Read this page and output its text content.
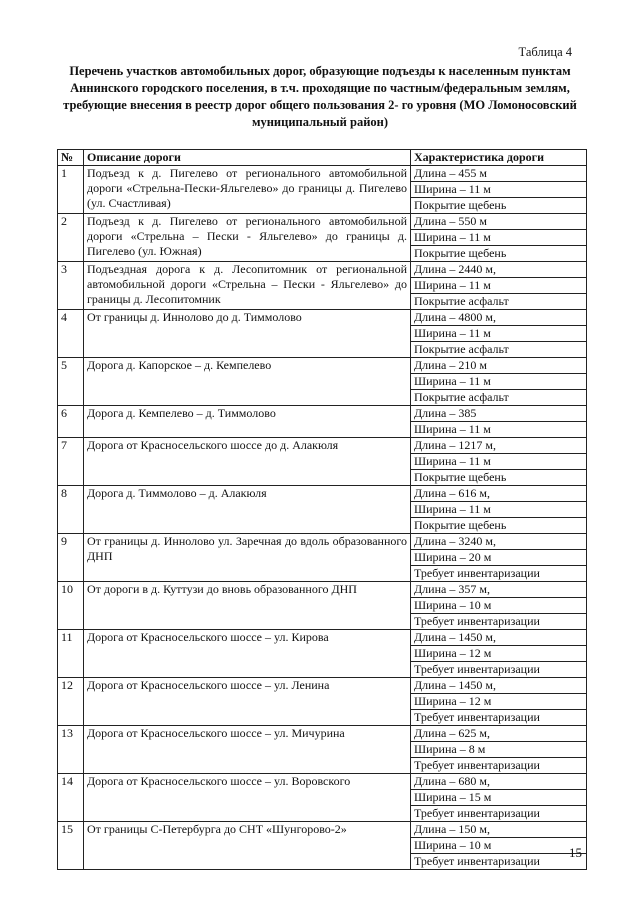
Таблица 4
Перечень участков автомобильных дорог, образующие подъезды к населенным пунктам Аннинского городского поселения, в т.ч. проходящие по частным/федеральным землям, требующие внесения в реестр дорог общего пользования 2- го уровня (МО Ломоносовский муниципальный район)
№	Описание дороги	Характеристика дороги
1	Подъезд к д. Пигелево от регионального автомобильной дороги «Стрельна-Пески-Яльгелево» до границы д. Пигелево (ул. Счастливая)	Длина – 455 м
Ширина – 11 м
Покрытие щебень

2	Подъезд к д. Пигелево от регионального автомобильной дороги «Стрельна – Пески - Яльгелево» до границы д. Пигелево (ул. Южная)	Длина – 550 м
Ширина – 11 м
Покрытие щебень

3	Подъездная дорога к д. Лесопитомник от региональной автомобильной дороги «Стрельна – Пески - Яльгелево» до границы д. Лесопитомник	Длина – 2440 м,
Ширина – 11 м
Покрытие асфальт

4	От границы д. Иннолово до д. Тиммолово	Длина – 4800 м,
Ширина – 11 м
Покрытие асфальт

5	Дорога д. Капорское – д. Кемпелево	Длина – 210 м
Ширина – 11 м
Покрытие асфальт

6	Дорога д. Кемпелево – д. Тиммолово	Длина – 385
Ширина – 11 м

7	Дорога от Красносельского шоссе до д. Алакюля	Длина – 1217 м,
Ширина – 11 м
Покрытие щебень

8	Дорога д. Тиммолово – д. Алакюля	Длина – 616 м,
Ширина – 11 м
Покрытие щебень

9	От границы д. Иннолово ул. Заречная до вдоль образованного ДНП	Длина – 3240 м,
Ширина – 20 м
Требует инвентаризации

10	От дороги в д. Куттузи до вновь образованного ДНП	Длина – 357 м,
Ширина – 10 м
Требует инвентаризации

11	Дорога от Красносельского шоссе – ул. Кирова	Длина – 1450 м,
Ширина – 12 м
Требует инвентаризации

12	Дорога от Красносельского шоссе – ул. Ленина	Длина – 1450 м,
Ширина – 12 м
Требует инвентаризации

13	Дорога от Красносельского шоссе – ул. Мичурина	Длина – 625 м,
Ширина – 8 м
Требует инвентаризации

14	Дорога от Красносельского шоссе – ул. Воровского	Длина – 680 м,
Ширина – 15 м
Требует инвентаризации

15	От границы С-Петербурга до СНТ «Шунгорово-2»	Длина – 150 м,
Ширина – 10 м
Требует инвентаризации
15
